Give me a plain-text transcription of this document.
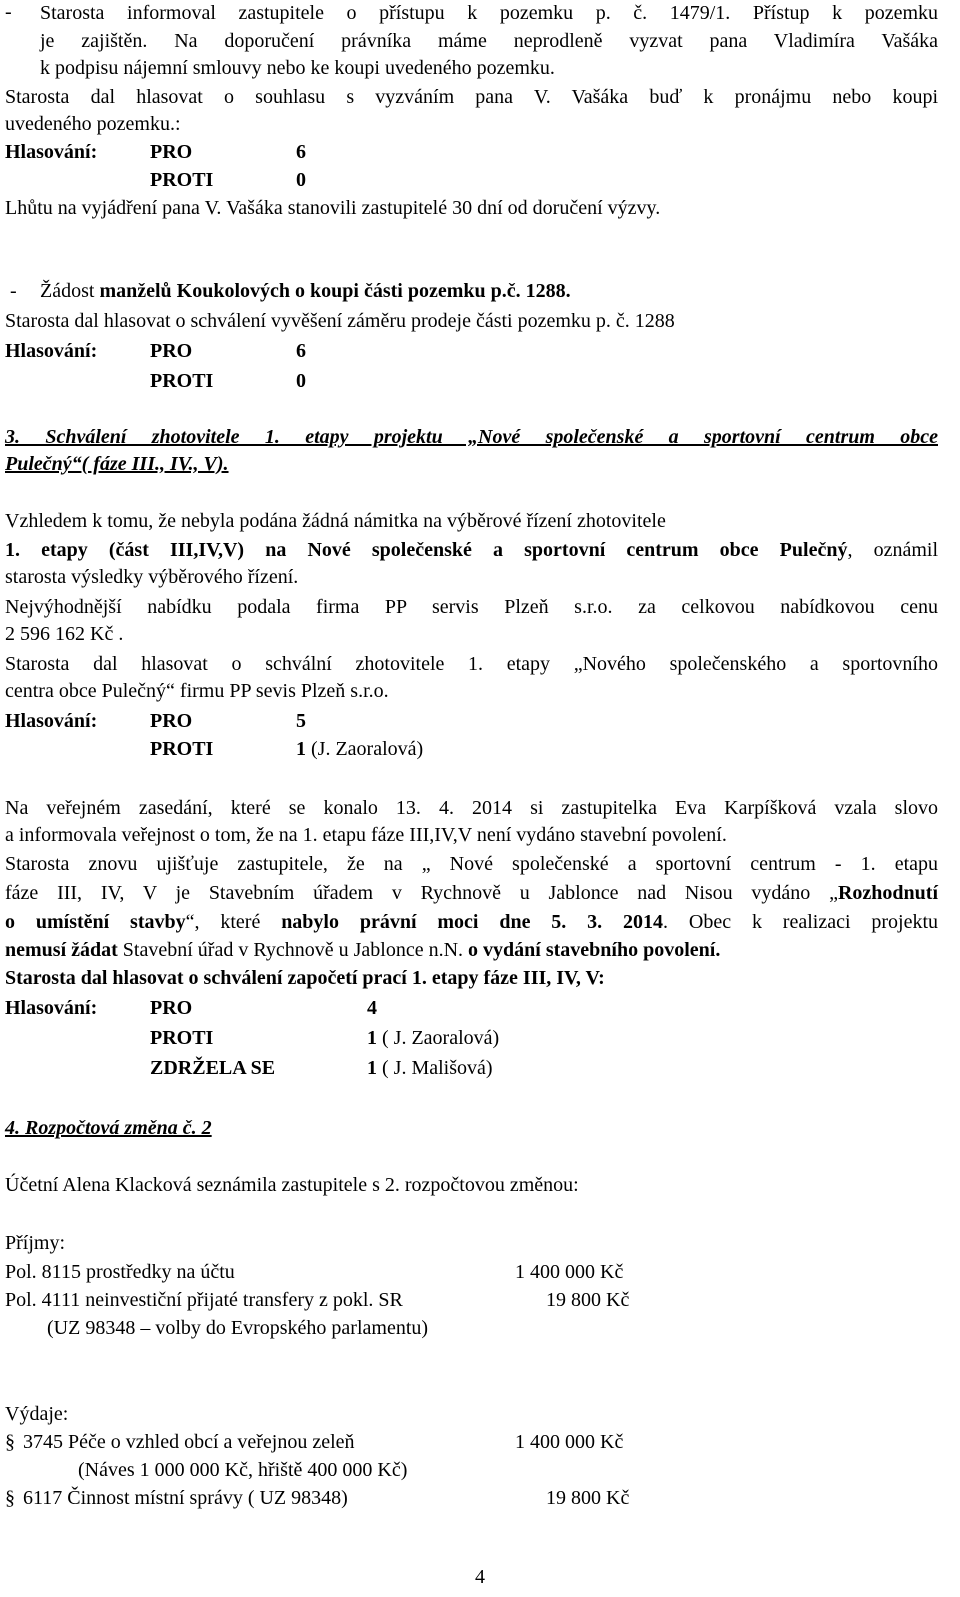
- Starosta informoval zastupitele o přístupu k pozemku p. č. 1479/1. Přístup k pozemku
je zajištěn. Na doporučení právníka máme neprodleně vyzvat pana Vladimíra Vašáka
k podpisu nájemní smlouvy nebo ke koupi uvedeného pozemku.
Starosta dal hlasovat o souhlasu s vyzváním pana V. Vašáka buď k pronájmu nebo koupi
uvedeného pozemku.:
Hlasování:	PRO	6
PROTI	0
Lhůtu na vyjádření pana V. Vašáka stanovili zastupitelé 30 dní od doručení výzvy.
- Žádost manželů Koukolových o koupi části pozemku p.č. 1288.
Starosta dal hlasovat o schválení vyvěšení záměru prodeje části pozemku p. č. 1288
Hlasování:	PRO	6
PROTI	0
3. Schválení zhotovitele 1. etapy projektu „Nové společenské a sportovní centrum obce
Pulečný“( fáze III., IV., V).
Vzhledem k tomu, že nebyla podána žádná námitka na výběrové řízení zhotovitele
1. etapy (část III,IV,V) na Nové společenské a sportovní centrum obce Pulečný, oznámil
starosta výsledky výběrového řízení.
Nejvýhodnější nabídku podala firma PP servis Plzeň s.r.o. za celkovou nabídkovou cenu
2 596 162 Kč .
Starosta dal hlasovat o schvální zhotovitele 1. etapy „Nového společenského a sportovního
centra obce Pulečný“ firmu PP sevis Plzeň s.r.o.
Hlasování:	PRO	5
PROTI	1 (J. Zaoralová)
Na veřejném zasedání, které se konalo 13. 4. 2014 si zastupitelka Eva Karpíšková vzala slovo
a informovala veřejnost o tom, že na 1. etapu fáze III,IV,V není vydáno stavební povolení.
Starosta znovu ujišťuje zastupitele, že na „ Nové společenské a sportovní centrum - 1. etapu
fáze III, IV, V je Stavebním úřadem v Rychnově u Jablonce nad Nisou vydáno „Rozhodnutí
o umístění stavby“, které nabylo právní moci dne 5. 3. 2014. Obec k realizaci projektu
nemusí žádat Stavební úřad v Rychnově u Jablonce n.N. o vydání stavebního povolení.
Starosta dal hlasovat o schválení započetí prací 1. etapy fáze III, IV, V:
Hlasování:	PRO	4
PROTI	1 ( J. Zaoralová)
ZDRŽELA SE	1 ( J. Mališová)
4. Rozpočtová změna č. 2
Účetní Alena Klacková seznámila zastupitele s 2. rozpočtovou změnou:
Příjmy:
Pol. 8115 prostředky na účtu	1 400 000 Kč
Pol. 4111 neinvestiční přijaté transfery z pokl. SR	19 800 Kč
(UZ 98348 – volby do Evropského parlamentu)
Výdaje:
§ 3745 Péče o vzhled obcí a veřejnou zeleň	1 400 000 Kč
(Náves 1 000 000 Kč, hřiště 400 000 Kč)
§ 6117 Činnost místní správy ( UZ 98348)	19 800 Kč
4
